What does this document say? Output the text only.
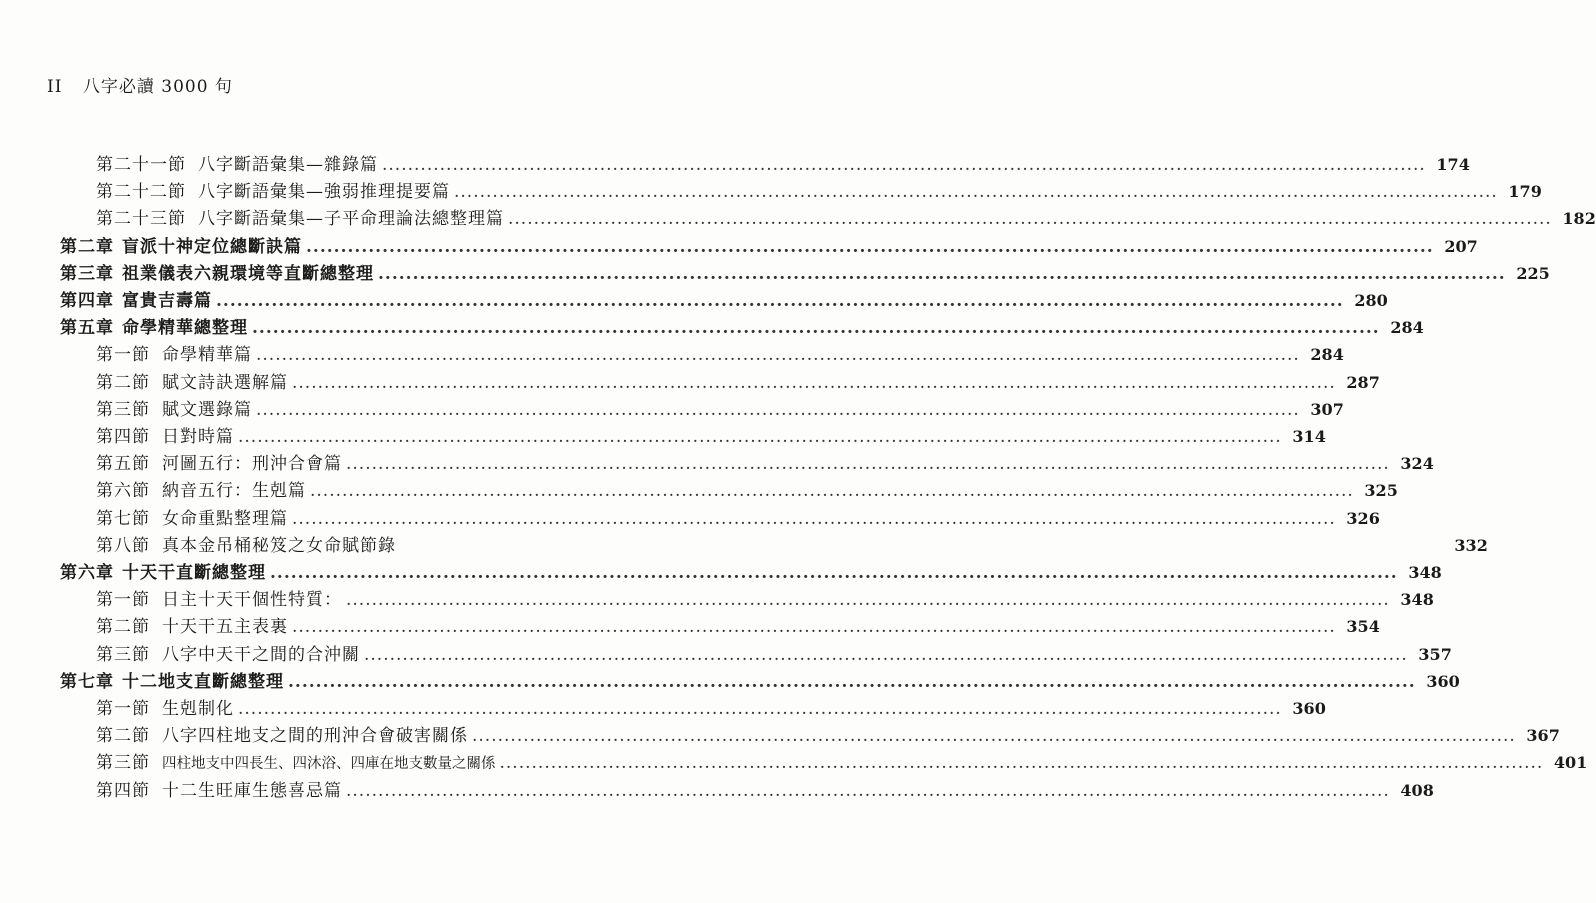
II 八字必讀 3000 句
第二十一節 八字斷語彙集—雜錄篇 .....	174
第二十二節 八字斷語彙集—強弱推理提要篇 .....	179
第二十三節 八字斷語彙集—子平命理論法總整理篇 .....	182
第二章 盲派十神定位總斷訣篇 .....	207
第三章 祖業儀表六親環境等直斷總整理 .....	225
第四章 富貴吉壽篇 .....	280
第五章 命學精華總整理 .....	284
第一節 命學精華篇 .....	284
第二節 賦文詩訣選解篇 .....	287
第三節 賦文選錄篇 .....	307
第四節 日對時篇 .....	314
第五節 河圖五行：刑沖合會篇 .....	324
第六節 納音五行：生剋篇 .....	325
第七節 女命重點整理篇 .....	326
第八節 真本金吊桶秘笈之女命賦節錄	332
第六章 十天干直斷總整理 .....	348
第一節 日主十天干個性特質： .....	348
第二節 十天干五主表裏 .....	354
第三節 八字中天干之間的合沖關 .....	357
第七章 十二地支直斷總整理 .....	360
第一節 生剋制化 .....	360
第二節 八字四柱地支之間的刑沖合會破害關係 .....	367
第三節 四柱地支中四長生、四沐浴、四庫在地支數量之關係 .....	401
第四節 十二生旺庫生態喜忌篇 .....	408
